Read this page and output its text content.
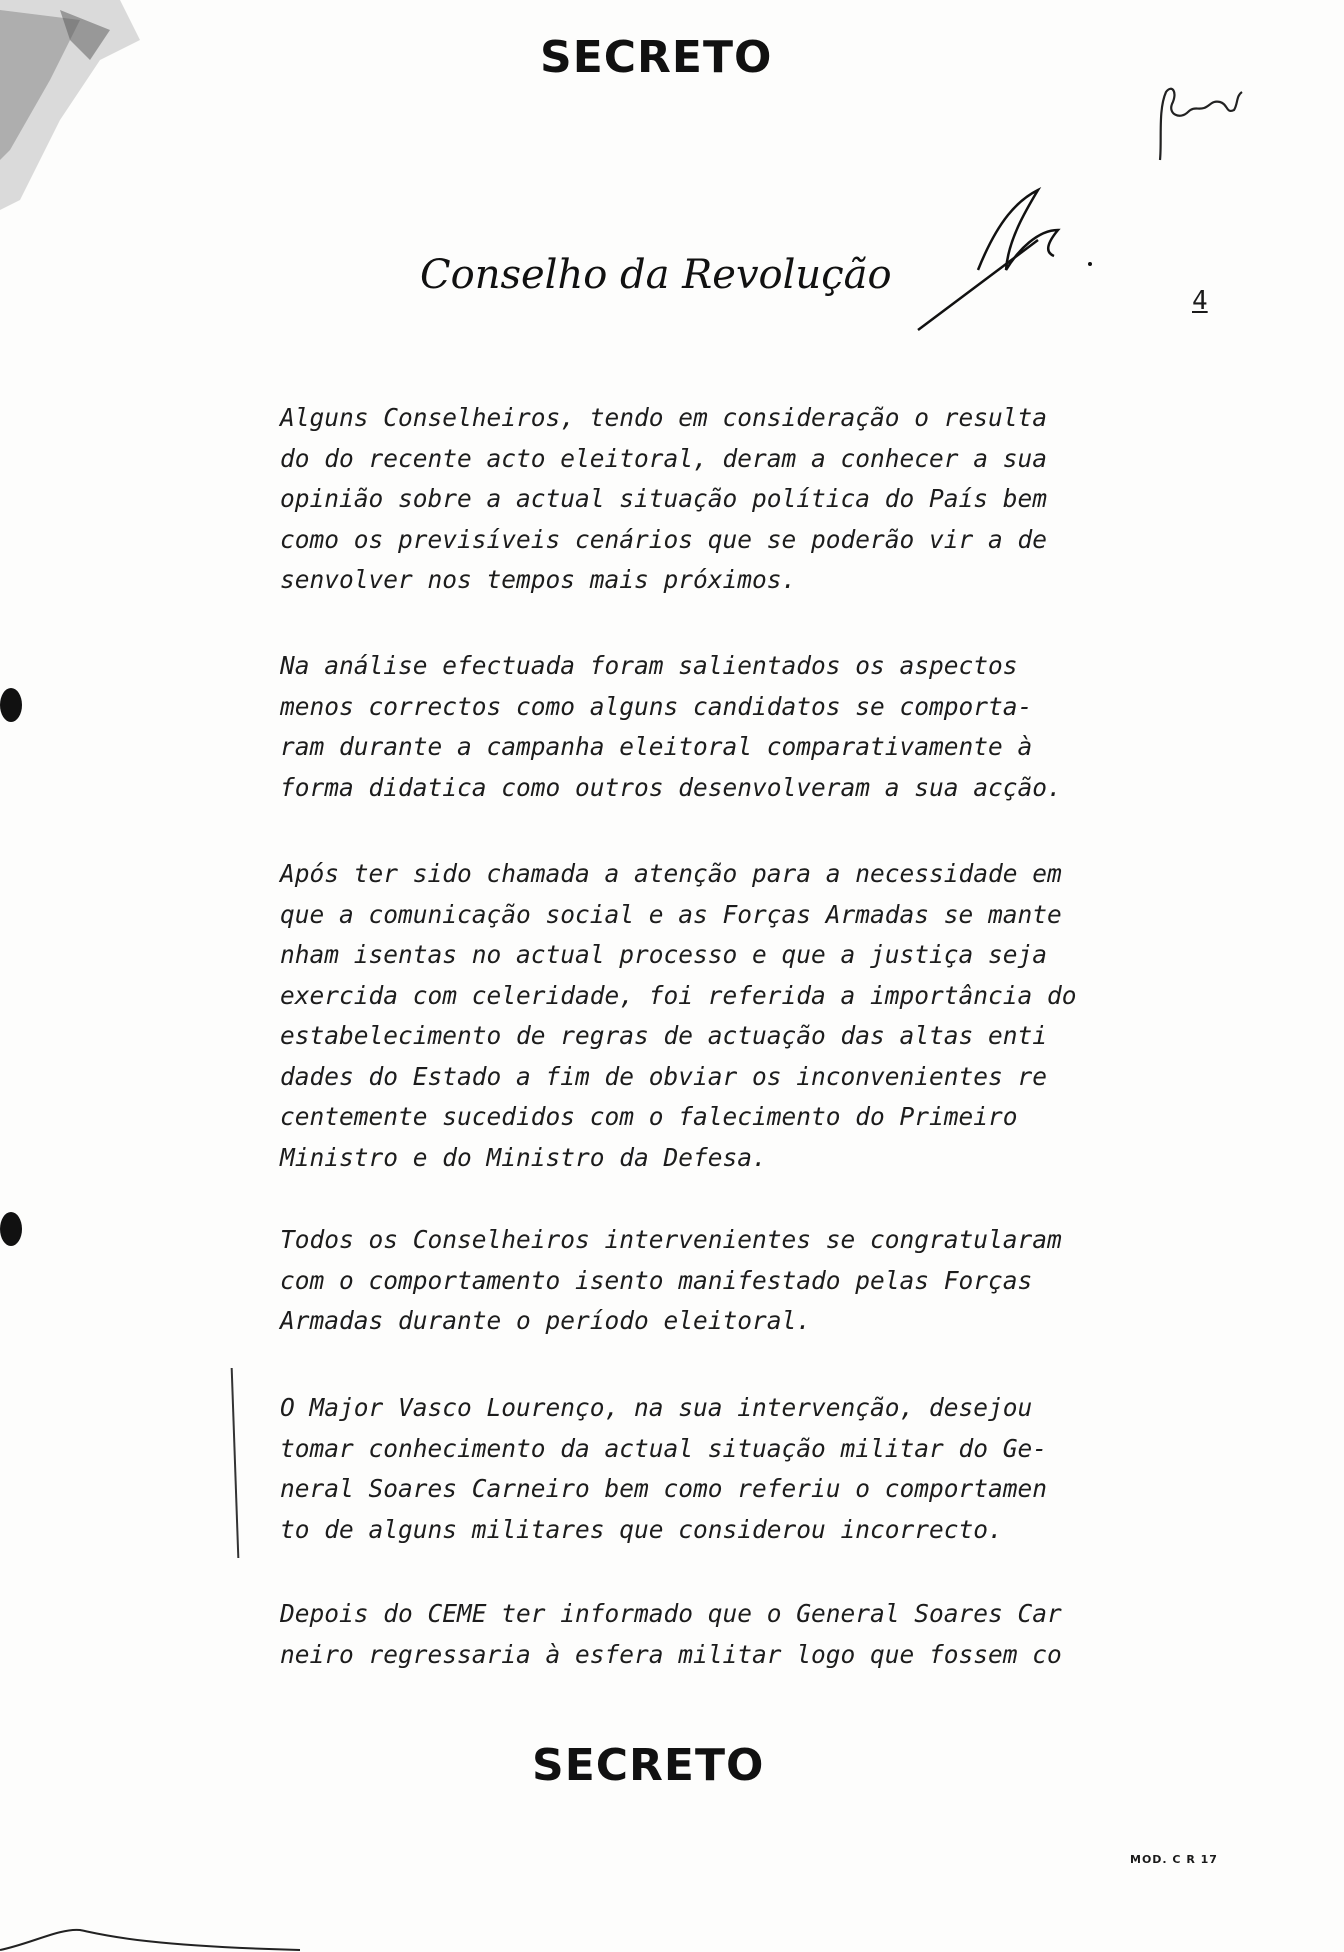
SECRETO
Conselho da Revolução
4

Alguns Conselheiros, tendo em consideração o resulta
do do recente acto eleitoral, deram a conhecer a sua
opinião sobre a actual situação política do País bem
como os previsíveis cenários que se poderão vir a de
senvolver nos tempos mais próximos.

Na análise efectuada foram salientados os aspectos
menos correctos como alguns candidatos se comporta-
ram durante a campanha eleitoral comparativamente à
forma didatica como outros desenvolveram a sua acção.

Após ter sido chamada a atenção para a necessidade em
que a comunicação social e as Forças Armadas se mante
nham isentas no actual processo e que a justiça seja
exercida com celeridade, foi referida a importância do
estabelecimento de regras de actuação das altas enti
dades do Estado a fim de obviar os inconvenientes re
centemente sucedidos com o falecimento do Primeiro
Ministro e do Ministro da Defesa.

Todos os Conselheiros intervenientes se congratularam
com o comportamento isento manifestado pelas Forças
Armadas durante o período eleitoral.

O Major Vasco Lourenço, na sua intervenção, desejou
tomar conhecimento da actual situação militar do Ge-
neral Soares Carneiro bem como referiu o comportamen
to de alguns militares que considerou incorrecto.

Depois do CEME ter informado que o General Soares Car
neiro regressaria à esfera militar logo que fossem co

SECRETO
MOD. C R 17
